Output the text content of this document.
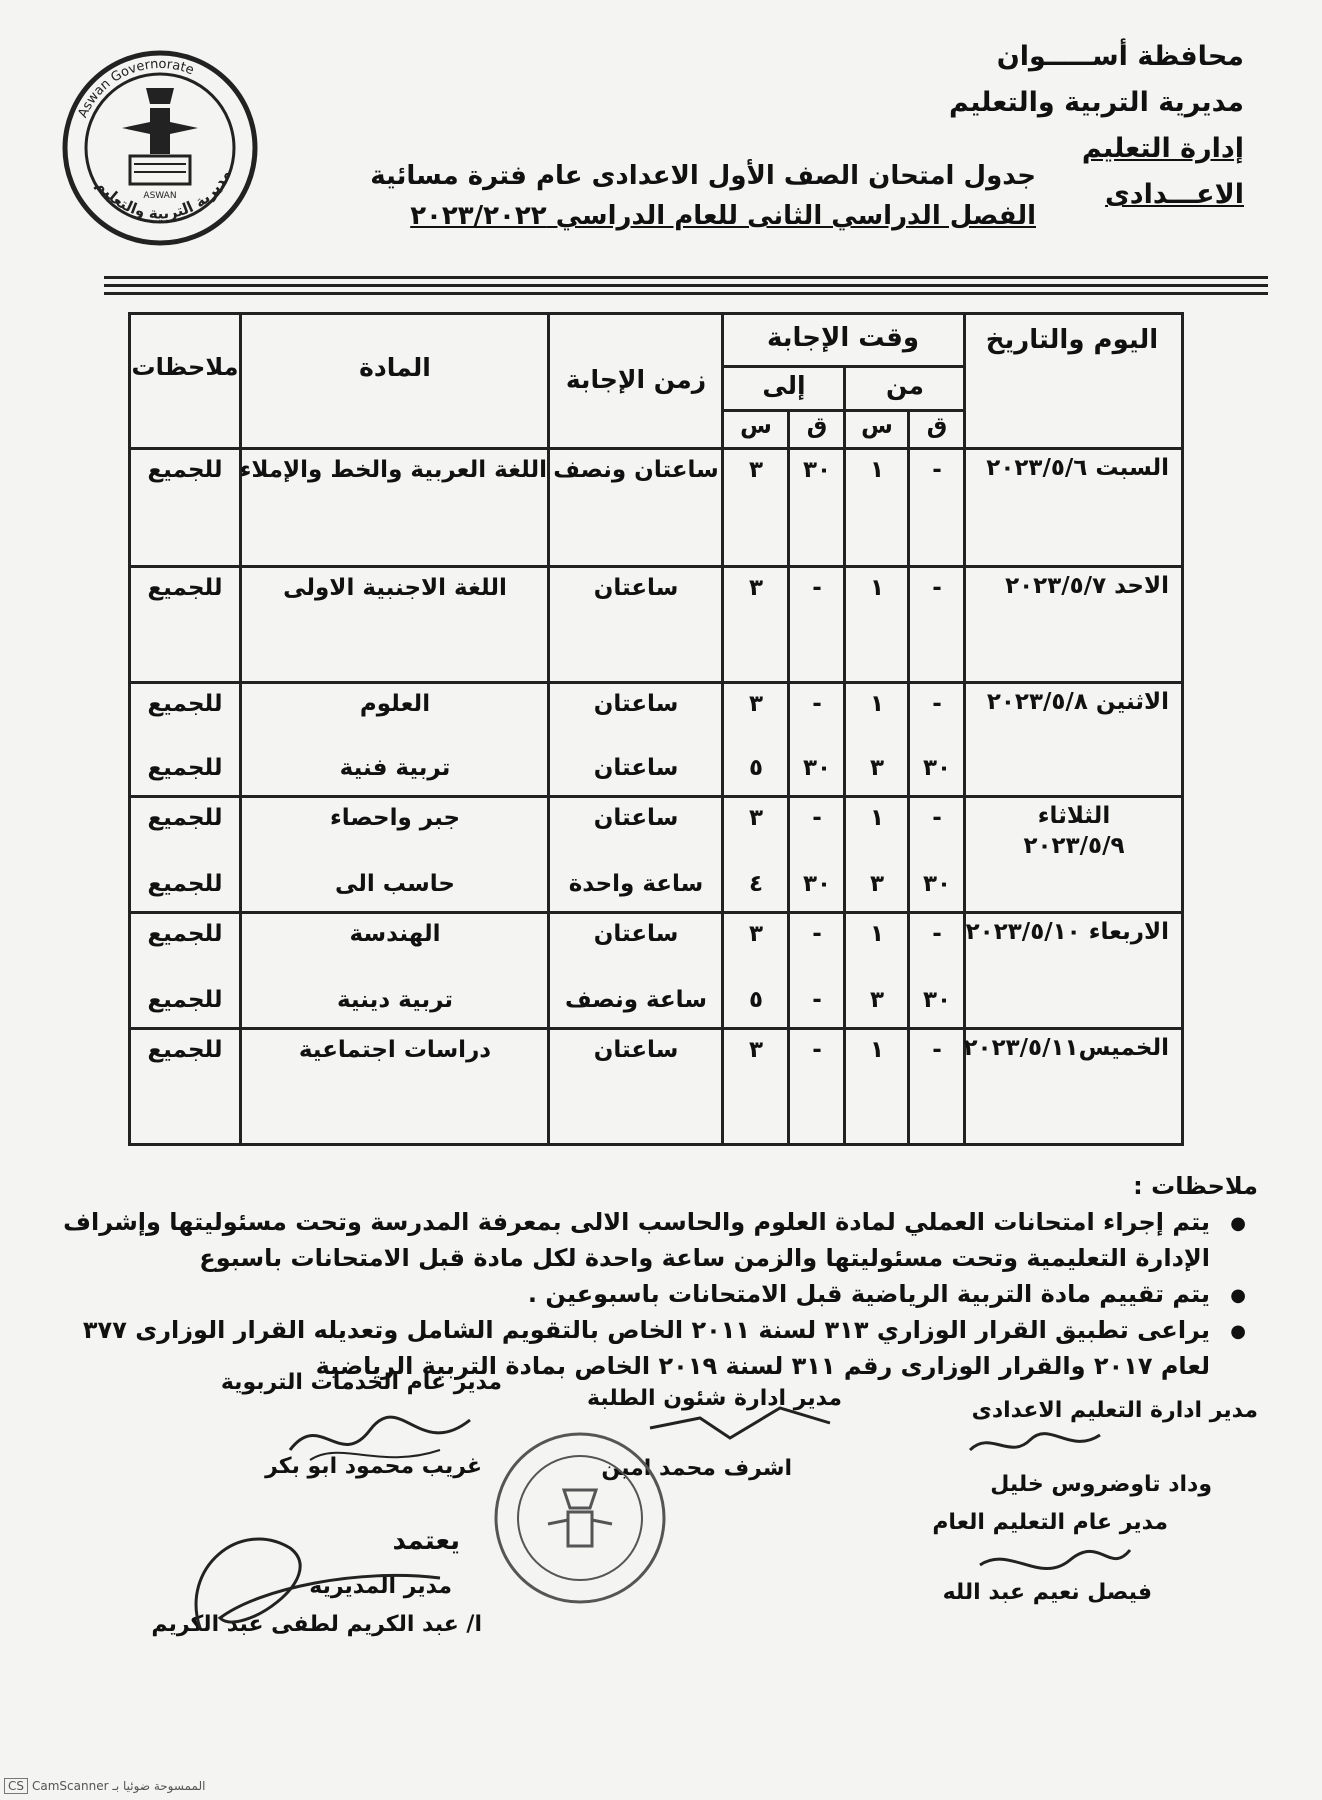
محافظة أســـــوان
مديرية التربية والتعليم
إدارة التعليم الاعـــدادى
Aswan Governorate
مديرية التربية والتعليم
ASWAN
جدول امتحان الصف الأول الاعدادى عام فترة مسائية
الفصل الدراسي الثانى للعام الدراسي ٢٠٢٣/٢٠٢٢
اليوم والتاريخ
وقت الإجابة
من
إلى
ق
س
ق
س
زمن الإجابة
المادة
ملاحظات
السبت ٢٠٢٣/٥/٦
-
١
٣٠
٣
ساعتان ونصف
اللغة العربية والخط والإملاء
للجميع
الاحد ٢٠٢٣/٥/٧
-
١
-
٣
ساعتان
اللغة الاجنبية الاولى
للجميع
الاثنين ٢٠٢٣/٥/٨
-
١
-
٣
ساعتان
العلوم
للجميع
٣٠
٣
٣٠
٥
ساعتان
تربية فنية
للجميع
الثلاثاء
٢٠٢٣/٥/٩
-
١
-
٣
ساعتان
جبر واحصاء
للجميع
٣٠
٣
٣٠
٤
ساعة واحدة
حاسب الى
للجميع
الاربعاء ٢٠٢٣/٥/١٠
-
١
-
٣
ساعتان
الهندسة
للجميع
٣٠
٣
-
٥
ساعة ونصف
تربية دينية
للجميع
الخميس٢٠٢٣/٥/١١
-
١
-
٣
ساعتان
دراسات اجتماعية
للجميع
ملاحظات :
● يتم إجراء امتحانات العملي لمادة العلوم والحاسب الالى بمعرفة المدرسة وتحت مسئوليتها وإشراف الإدارة التعليمية وتحت مسئوليتها والزمن ساعة واحدة لكل مادة قبل الامتحانات باسبوع
● يتم تقييم مادة التربية الرياضية قبل الامتحانات باسبوعين .
● يراعى تطبيق القرار الوزاري ٣١٣ لسنة ٢٠١١ الخاص بالتقويم الشامل وتعديله القرار الوزارى ٣٧٧ لعام ٢٠١٧ والقرار الوزارى رقم ٣١١ لسنة ٢٠١٩ الخاص بمادة التربية الرياضية
مدير ادارة التعليم الاعدادى
وداد تاوضروس خليل
مدير ادارة شئون الطلبة
اشرف محمد امين
مدير عام الخدمات التربوية
غريب محمود ابو بكر
مدير عام التعليم العام
فيصل نعيم عبد الله
يعتمد
مدير المديرية
ا/ عبد الكريم لطفى عبد الكريم
CS CamScanner الممسوحة ضوئيا بـ
